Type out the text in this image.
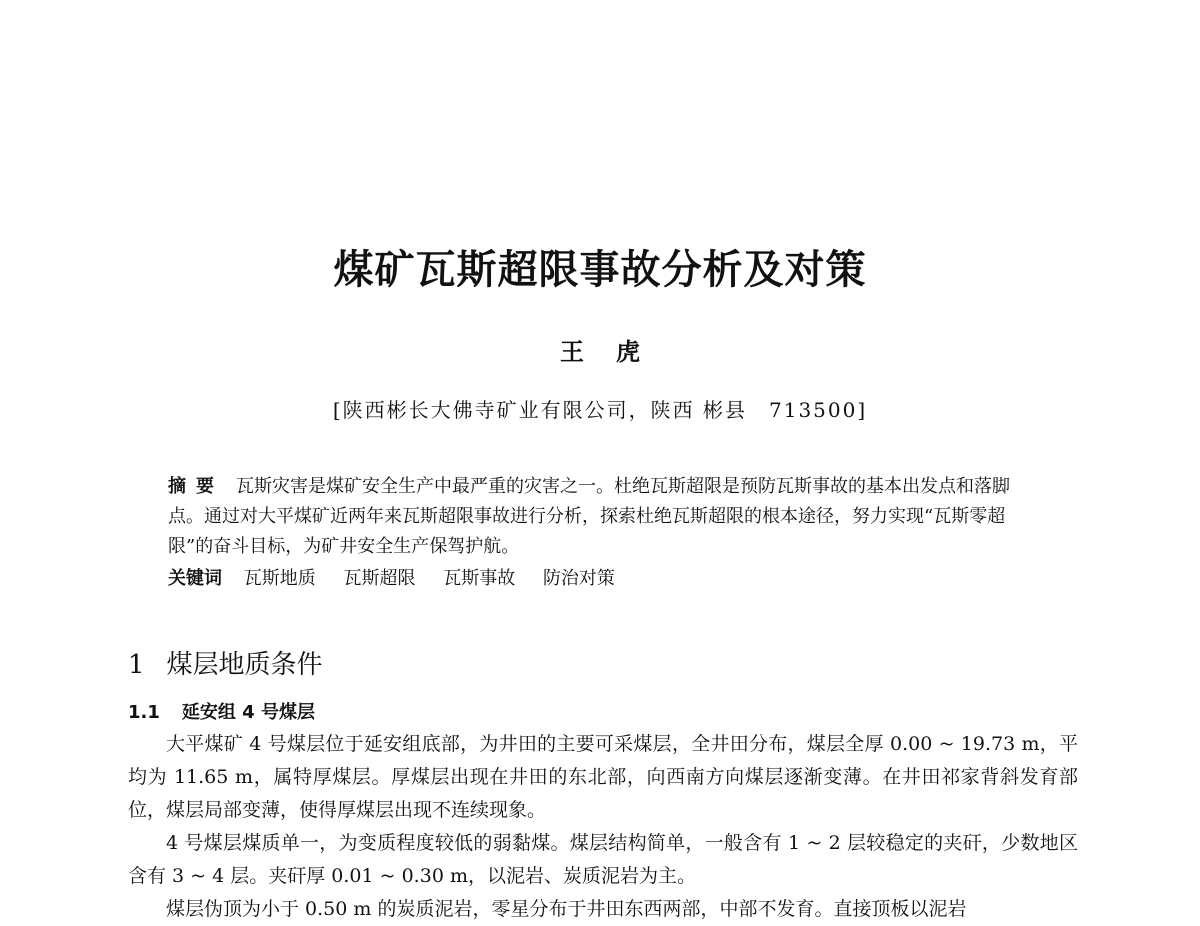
煤矿瓦斯超限事故分析及对策
王虎
[陕西彬长大佛寺矿业有限公司，陕西 彬县　713500]
摘要 瓦斯灾害是煤矿安全生产中最严重的灾害之一。杜绝瓦斯超限是预防瓦斯事故的基本出发点和落脚点。通过对大平煤矿近两年来瓦斯超限事故进行分析，探索杜绝瓦斯超限的根本途径，努力实现“瓦斯零超限”的奋斗目标，为矿井安全生产保驾护航。
关键词 瓦斯地质 瓦斯超限 瓦斯事故 防治对策
1 煤层地质条件
1.1 延安组 4 号煤层

大平煤矿 4 号煤层位于延安组底部，为井田的主要可采煤层，全井田分布，煤层全厚 0.00 ~ 19.73 m，平均为 11.65 m，属特厚煤层。厚煤层出现在井田的东北部，向西南方向煤层逐渐变薄。在井田祁家背斜发育部位，煤层局部变薄，使得厚煤层出现不连续现象。

4 号煤层煤质单一，为变质程度较低的弱黏煤。煤层结构简单，一般含有 1 ~ 2 层较稳定的夹矸，少数地区含有 3 ~ 4 层。夹矸厚 0.01 ~ 0.30 m，以泥岩、炭质泥岩为主。

煤层伪顶为小于 0.50 m 的炭质泥岩，零星分布于井田东西两部，中部不发育。直接顶板以泥岩
